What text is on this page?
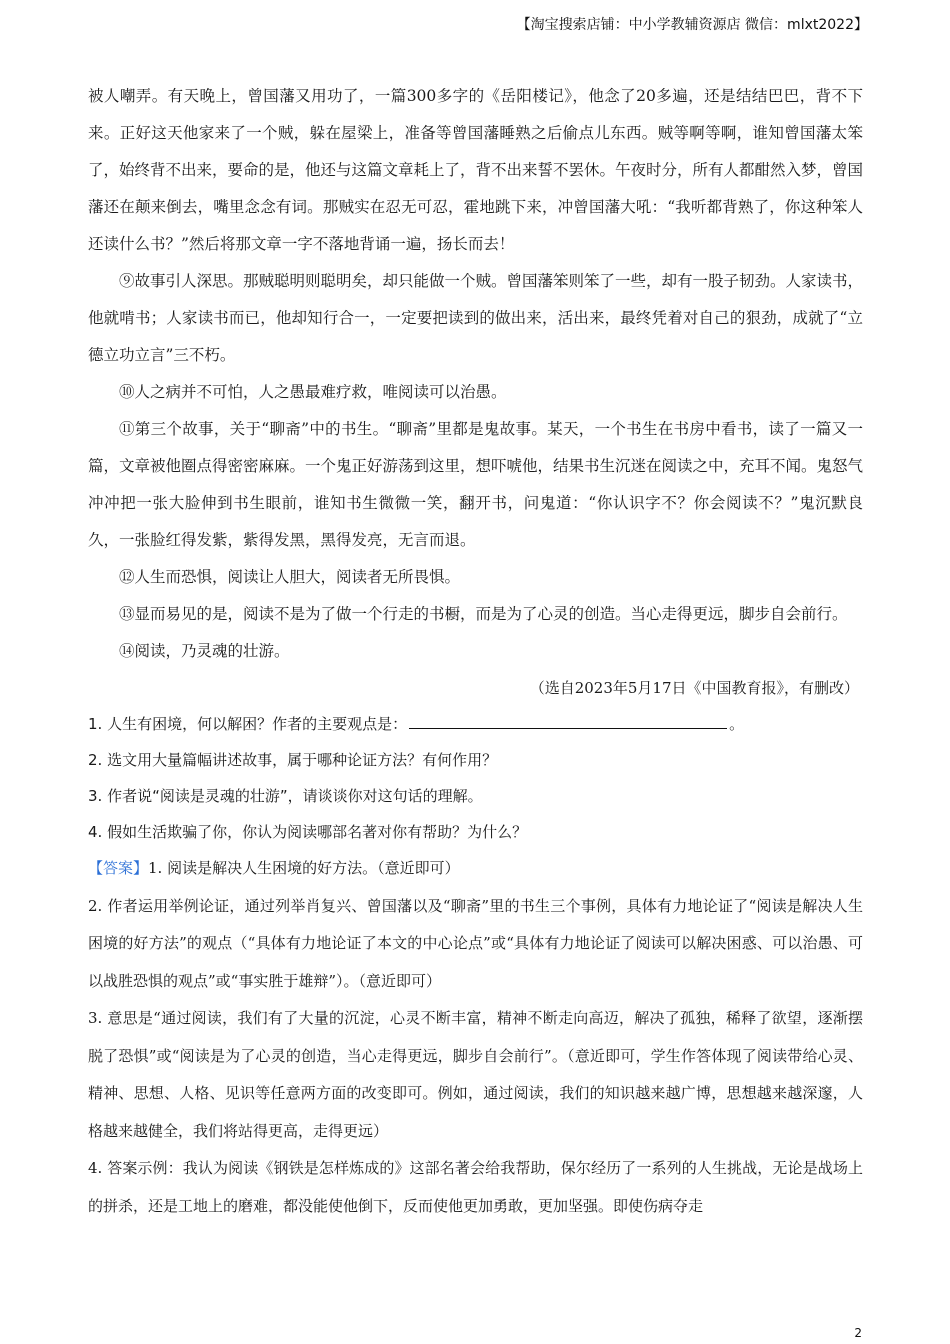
【淘宝搜索店铺：中小学教辅资源店 微信：mlxt2022】

被人嘲弄。有天晚上，曾国藩又用功了，一篇300多字的《岳阳楼记》，他念了20多遍，还是结结巴巴，背不下来。正好这天他家来了一个贼，躲在屋梁上，准备等曾国藩睡熟之后偷点儿东西。贼等啊等啊，谁知曾国藩太笨了，始终背不出来，要命的是，他还与这篇文章耗上了，背不出来誓不罢休。午夜时分，所有人都酣然入梦，曾国藩还在颠来倒去，嘴里念念有词。那贼实在忍无可忍，霍地跳下来，冲曾国藩大吼：“我听都背熟了，你这种笨人还读什么书？”然后将那文章一字不落地背诵一遍，扬长而去！

⑨故事引人深思。那贼聪明则聪明矣，却只能做一个贼。曾国藩笨则笨了一些，却有一股子韧劲。人家读书，他就啃书；人家读书而已，他却知行合一，一定要把读到的做出来，活出来，最终凭着对自己的狠劲，成就了“立德立功立言”三不朽。

⑩人之病并不可怕，人之愚最难疗救，唯阅读可以治愚。

⑪第三个故事，关于“聊斋”中的书生。“聊斋”里都是鬼故事。某天，一个书生在书房中看书，读了一篇又一篇，文章被他圈点得密密麻麻。一个鬼正好游荡到这里，想吓唬他，结果书生沉迷在阅读之中，充耳不闻。鬼怒气冲冲把一张大脸伸到书生眼前，谁知书生微微一笑，翻开书，问鬼道：“你认识字不？你会阅读不？”鬼沉默良久，一张脸红得发紫，紫得发黑，黑得发亮，无言而退。

⑫人生而恐惧，阅读让人胆大，阅读者无所畏惧。

⑬显而易见的是，阅读不是为了做一个行走的书橱，而是为了心灵的创造。当心走得更远，脚步自会前行。

⑭阅读，乃灵魂的壮游。

（选自2023年5月17日《中国教育报》，有删改）

1. 人生有困境，何以解困？作者的主要观点是：	。

2. 选文用大量篇幅讲述故事，属于哪种论证方法？有何作用？

3. 作者说“阅读是灵魂的壮游”，请谈谈你对这句话的理解。

4. 假如生活欺骗了你，你认为阅读哪部名著对你有帮助？为什么？

【答案】1. 阅读是解决人生困境的好方法。（意近即可）

2. 作者运用举例论证，通过列举肖复兴、曾国藩以及“聊斋”里的书生三个事例，具体有力地论证了“阅读是解决人生困境的好方法”的观点（“具体有力地论证了本文的中心论点”或“具体有力地论证了阅读可以解决困惑、可以治愚、可以战胜恐惧的观点”或“事实胜于雄辩”）。（意近即可）

3. 意思是“通过阅读，我们有了大量的沉淀，心灵不断丰富，精神不断走向高迈，解决了孤独，稀释了欲望，逐渐摆脱了恐惧”或“阅读是为了心灵的创造，当心走得更远，脚步自会前行”。（意近即可，学生作答体现了阅读带给心灵、精神、思想、人格、见识等任意两方面的改变即可。例如，通过阅读，我们的知识越来越广博，思想越来越深邃，人格越来越健全，我们将站得更高，走得更远）

4. 答案示例：我认为阅读《钢铁是怎样炼成的》这部名著会给我帮助，保尔经历了一系列的人生挑战，无论是战场上的拼杀，还是工地上的磨难，都没能使他倒下，反而使他更加勇敢，更加坚强。即使伤病夺走

2
